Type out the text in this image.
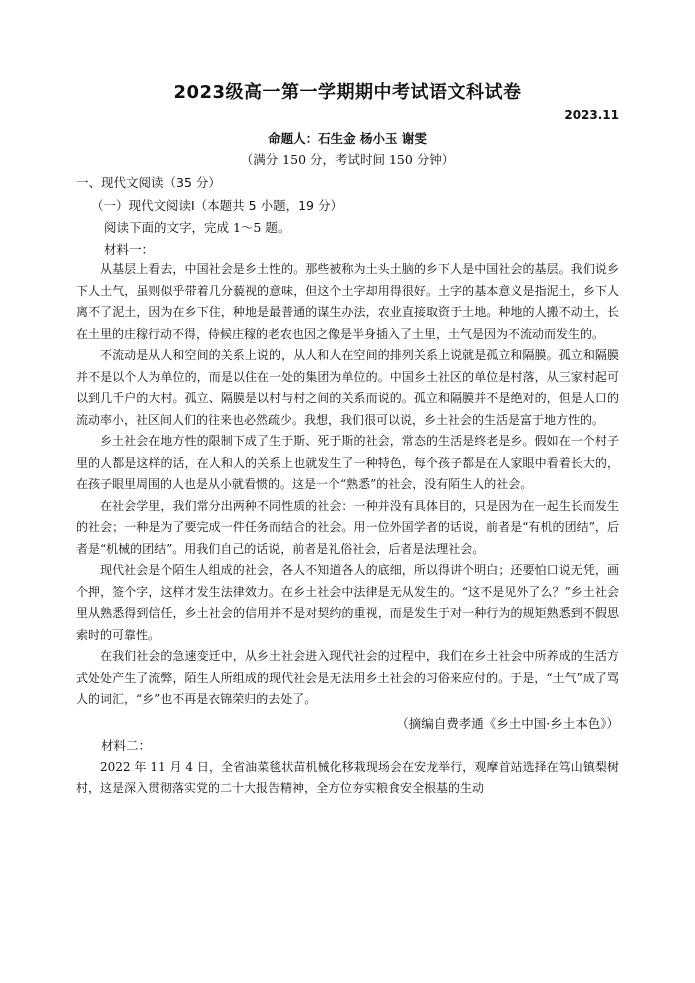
2023级高一第一学期期中考试语文科试卷
2023.11
命题人：石生金 杨小玉 谢雯
（满分 150 分，考试时间 150 分钟）
一、现代文阅读（35 分）
（一）现代文阅读Ⅰ（本题共 5 小题，19 分）
阅读下面的文字，完成 1～5 题。
材料一：

从基层上看去，中国社会是乡土性的。那些被称为土头土脑的乡下人是中国社会的基层。我们说乡下人土气，虽则似乎带着几分藐视的意味，但这个土字却用得很好。土字的基本意义是指泥土，乡下人离不了泥土，因为在乡下住，种地是最普通的谋生办法，农业直接取资于土地。种地的人搬不动土，长在土里的庄稼行动不得，侍候庄稼的老农也因之像是半身插入了土里，土气是因为不流动而发生的。

不流动是从人和空间的关系上说的，从人和人在空间的排列关系上说就是孤立和隔膜。孤立和隔膜并不是以个人为单位的，而是以住在一处的集团为单位的。中国乡土社区的单位是村落，从三家村起可以到几千户的大村。孤立、隔膜是以村与村之间的关系而说的。孤立和隔膜并不是绝对的，但是人口的流动率小，社区间人们的往来也必然疏少。我想，我们很可以说，乡土社会的生活是富于地方性的。

乡土社会在地方性的限制下成了生于斯、死于斯的社会，常态的生活是终老是乡。假如在一个村子里的人都是这样的话，在人和人的关系上也就发生了一种特色，每个孩子都是在人家眼中看着长大的，在孩子眼里周围的人也是从小就看惯的。这是一个“熟悉”的社会，没有陌生人的社会。

在社会学里，我们常分出两种不同性质的社会：一种并没有具体目的，只是因为在一起生长而发生的社会；一种是为了要完成一件任务而结合的社会。用一位外国学者的话说，前者是“有机的团结”，后者是“机械的团结”。用我们自己的话说，前者是礼俗社会，后者是法理社会。

现代社会是个陌生人组成的社会，各人不知道各人的底细，所以得讲个明白；还要怕口说无凭，画个押，签个字，这样才发生法律效力。在乡土社会中法律是无从发生的。“这不是见外了么？”乡土社会里从熟悉得到信任，乡土社会的信用并不是对契约的重视，而是发生于对一种行为的规矩熟悉到不假思索时的可靠性。

在我们社会的急速变迁中，从乡土社会进入现代社会的过程中，我们在乡土社会中所养成的生活方式处处产生了流弊，陌生人所组成的现代社会是无法用乡土社会的习俗来应付的。于是，“土气”成了骂人的词汇，“乡”也不再是衣锦荣归的去处了。

（摘编自费孝通《乡土中国·乡土本色》）

材料二：

2022 年 11 月 4 日，全省油菜毯状苗机械化移栽现场会在安龙举行，观摩首站选择在笃山镇梨树村，这是深入贯彻落实党的二十大报告精神，全方位夯实粮食安全根基的生动
